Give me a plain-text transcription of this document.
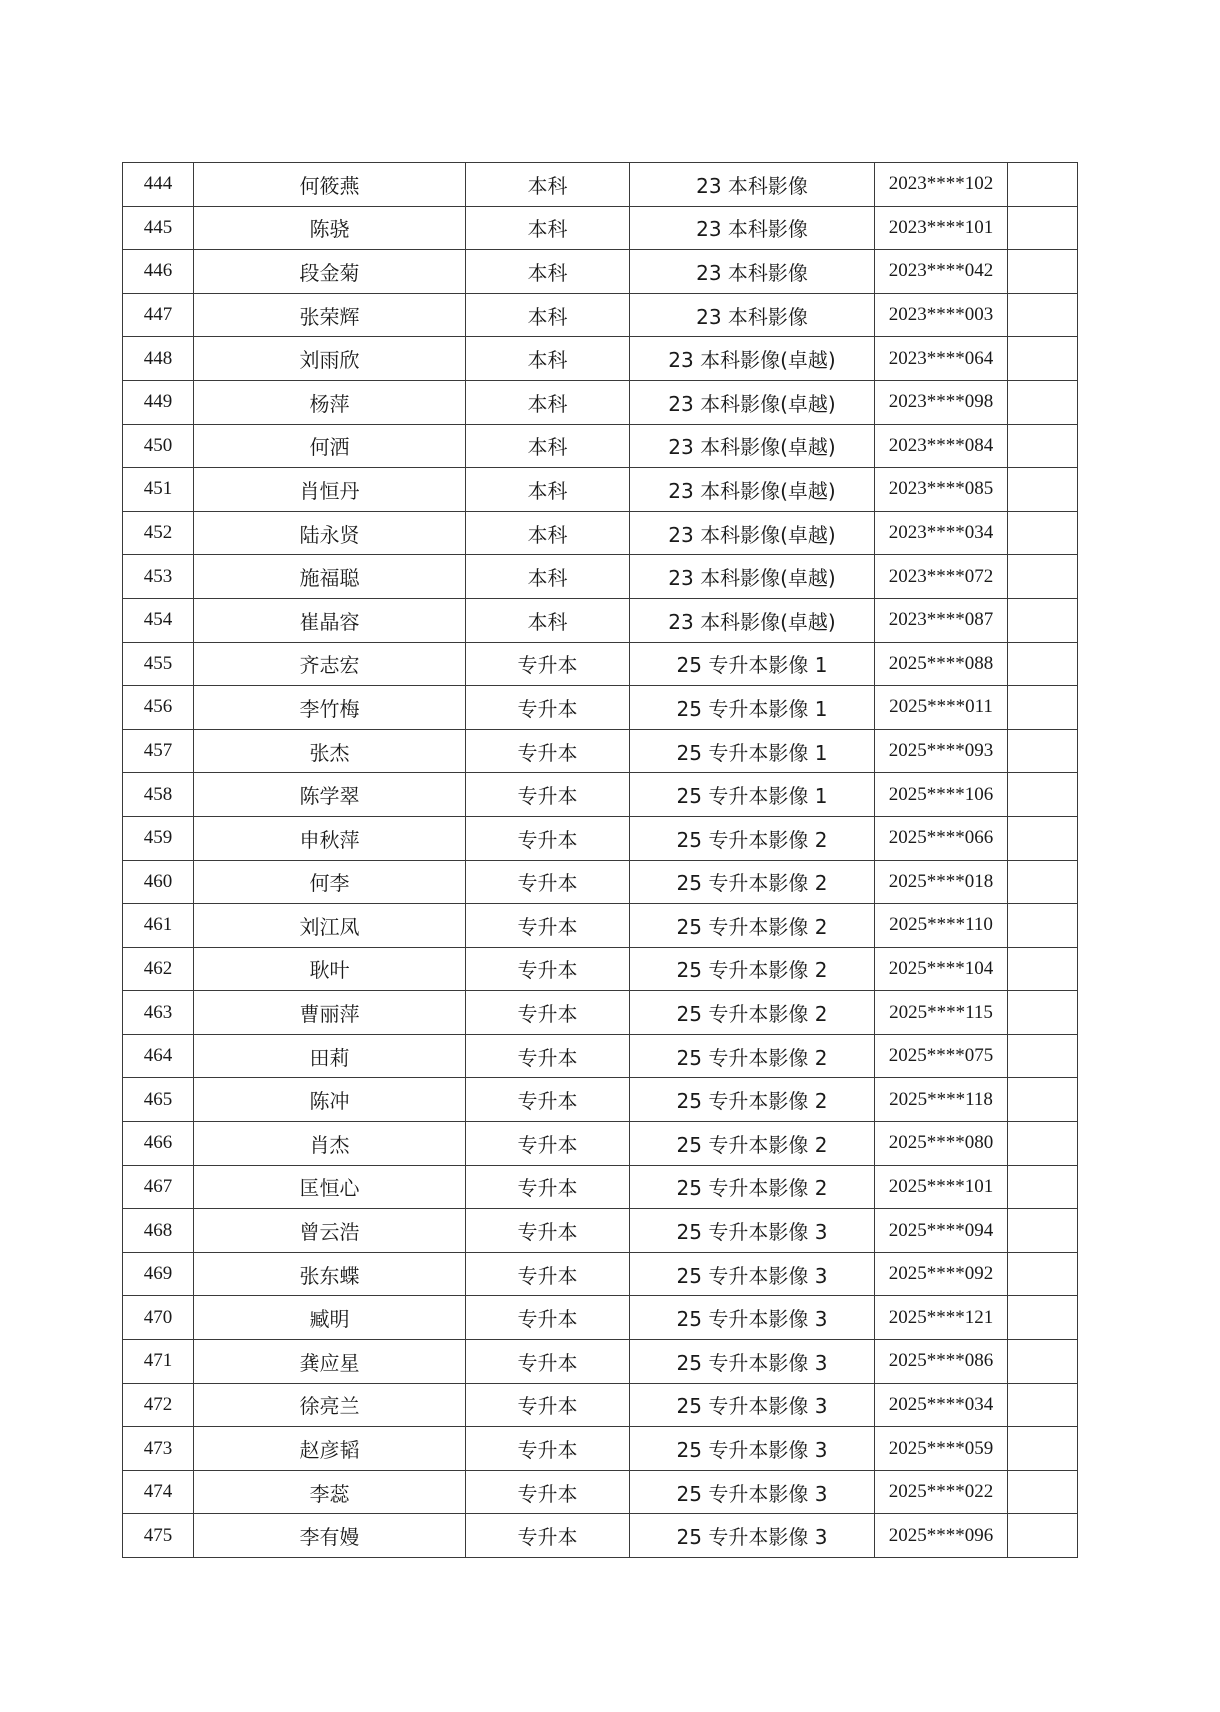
444	何筱燕	本科	23 本科影像	2023****102	
445	陈骁	本科	23 本科影像	2023****101	
446	段金菊	本科	23 本科影像	2023****042	
447	张荣辉	本科	23 本科影像	2023****003	
448	刘雨欣	本科	23 本科影像(卓越)	2023****064	
449	杨萍	本科	23 本科影像(卓越)	2023****098	
450	何洒	本科	23 本科影像(卓越)	2023****084	
451	肖恒丹	本科	23 本科影像(卓越)	2023****085	
452	陆永贤	本科	23 本科影像(卓越)	2023****034	
453	施福聪	本科	23 本科影像(卓越)	2023****072	
454	崔晶容	本科	23 本科影像(卓越)	2023****087	
455	齐志宏	专升本	25 专升本影像 1	2025****088	
456	李竹梅	专升本	25 专升本影像 1	2025****011	
457	张杰	专升本	25 专升本影像 1	2025****093	
458	陈学翠	专升本	25 专升本影像 1	2025****106	
459	申秋萍	专升本	25 专升本影像 2	2025****066	
460	何李	专升本	25 专升本影像 2	2025****018	
461	刘江凤	专升本	25 专升本影像 2	2025****110	
462	耿叶	专升本	25 专升本影像 2	2025****104	
463	曹丽萍	专升本	25 专升本影像 2	2025****115	
464	田莉	专升本	25 专升本影像 2	2025****075	
465	陈冲	专升本	25 专升本影像 2	2025****118	
466	肖杰	专升本	25 专升本影像 2	2025****080	
467	匡恒心	专升本	25 专升本影像 2	2025****101	
468	曾云浩	专升本	25 专升本影像 3	2025****094	
469	张东蝶	专升本	25 专升本影像 3	2025****092	
470	臧明	专升本	25 专升本影像 3	2025****121	
471	龚应星	专升本	25 专升本影像 3	2025****086	
472	徐亮兰	专升本	25 专升本影像 3	2025****034	
473	赵彦韬	专升本	25 专升本影像 3	2025****059	
474	李蕊	专升本	25 专升本影像 3	2025****022	
475	李有嫚	专升本	25 专升本影像 3	2025****096	
